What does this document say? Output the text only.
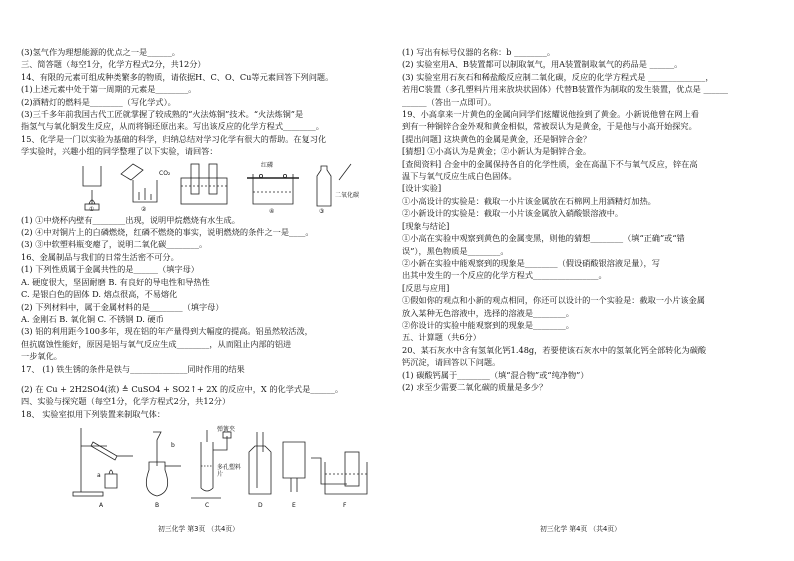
(3)氢气作为理想能源的优点之一是______。
三、简答题（每空1分，化学方程式2分，共12分）
14、有限的元素可组成种类繁多的物质，请依据H、C、O、Cu等元素回答下列问题。
(1)上述元素中处于第一周期的元素是________。
(2)酒精灯的燃料是________（写化学式）。
(3)三千多年前我国古代工匠就掌握了较成熟的“火法炼铜”技术。“火法炼铜”是
指氢气与氧化铜发生反应，从而将铜还原出来。写出该反应的化学方程式________。
15、化学是一门以实验为基础的科学，归纳总结对学习化学有很大的帮助。在复习化
学实验时，兴趣小组的同学整理了以下实验，请回答：
红磷
CO₂
二氧化碳
①	②	③
④
(1) ①中烧杯内壁有________出现，说明甲烷燃烧有水生成。
(2) ④中对铜片上的白磷燃烧，红磷不燃烧的事实，说明燃烧的条件之一是____。
(3) ③中软塑料瓶变瘪了，说明二氧化碳________。
16、金属制品与我们的日常生活密不可分。
(1) 下列性质属于金属共性的是______（填字母）
A. 硬度很大，坚固耐磨 B. 有良好的导电性和导热性
C. 是银白色的固体 D. 熔点很高，不易熔化
(2) 下列材料中，属于金属材料的是________（填字母）
A. 金刚石 B. 氧化铜 C. 不锈钢 D. 硬币
(3) 铝的利用距今100多年，现在铝的年产量得到大幅度的提高。铝虽然较活泼，
但抗腐蚀性能好，原因是铝与氧气反应生成________，从而阻止内部的铝进
一步氧化。
17、 (1) 铁生锈的条件是铁与______________同时作用的结果
(2) 在 Cu + 2H2SO4(浓) ≜ CuSO4 + SO2↑+ 2X 的反应中，X 的化学式是______。
四、实验与探究题（每空1分，化学方程式2分，共12分）
18、 实验室拟用下列装置来制取气体：
弹簧夹
多孔塑料片
a
b
A	B	C	D	E	F
初三化学 第3页 （共4页）
(1) 写出有标号仪器的名称：b ________。
(2) 实验室用A、B装置都可以制取氧气，用A装置制取氧气的药品是 ______。
(3) 实验室用石灰石和稀盐酸反应制二氧化碳，反应的化学方程式是 ______________，
若用C装置（多孔塑料片用来放块状固体）代替B装置作为制取的发生装置，优点是 ______
______（答出一点即可）。
19、小高拿来一片黄色的金属向同学们炫耀说他捡到了黄金。小新说他曾在网上看
到有一种铜锌合金外观和黄金相似，常被误认为是黄金，于是他与小高开始探究。
[提出问题] 这块黄色的金属是黄金，还是铜锌合金？
[猜想] ①小高认为是黄金；②小新认为是铜锌合金。
[查阅资料] 合金中的金属保持各自的化学性质，金在高温下不与氧气反应，锌在高
温下与氧气反应生成白色固体。
[设计实验]
①小高设计的实验是：截取一小片该金属放在石棉网上用酒精灯加热。
②小新设计的实验是：截取一小片该金属放入硝酸银溶液中。
[现象与结论]
①小高在实验中观察到黄色的金属变黑，则他的猜想________（填“正确”或“错
误”），黑色物质是________。
②小新在实验中能观察到的现象是________（假设硝酸银溶液足量），写
出其中发生的一个反应的化学方程式________________。
[反思与应用]
①假如你的观点和小新的观点相同，你还可以设计的一个实验是：截取一小片该金属
放入某种无色溶液中，选择的溶液是________。
②你设计的实验中能观察到的现象是________。
五、计算题（共6分）
20、某石灰水中含有氢氧化钙1.48g，若要使该石灰水中的氢氧化钙全部转化为碳酸
钙沉淀，请回答以下问题。
(1) 碳酸钙属于________（填“混合物”或“纯净物”）
(2) 求至少需要二氧化碳的质量是多少？
初三化学 第4页 （共4页）
